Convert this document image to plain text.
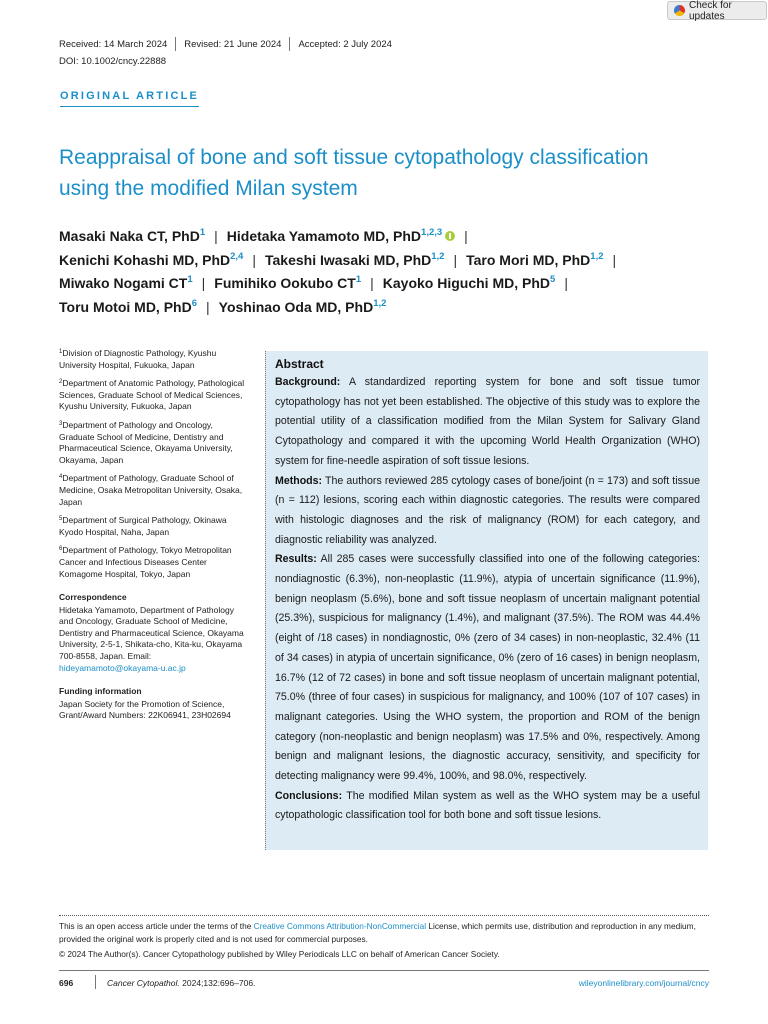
Check for updates
Received: 14 March 2024 Revised: 21 June 2024 Accepted: 2 July 2024
DOI: 10.1002/cncy.22888
ORIGINAL ARTICLE
Reappraisal of bone and soft tissue cytopathology classification using the modified Milan system
Masaki Naka CT, PhD$^1$ | Hidetaka Yamamoto MD, PhD$^{1,2,3}$ |
Kenichi Kohashi MD, PhD$^{2,4}$ | Takeshi Iwasaki MD, PhD$^{1,2}$ | Taro Mori MD, PhD$^{1,2}$ |
Miwako Nogami $CT^1$ | Fumihiko Ookubo $CT^1$ | Kayoko Higuchi MD, PhD$^5$ |
Toru Motoi MD, PhD$^6$ | Yoshinao Oda MD, PhD$^{1,2}$
$^1$Division of Diagnostic Pathology, Kyushu University Hospital, Fukuoka, Japan
$^2$Department of Anatomic Pathology, Pathological Sciences, Graduate School of Medical Sciences, Kyushu University, Fukuoka, Japan
$^3$Department of Pathology and Oncology, Graduate School of Medicine, Dentistry and Pharmaceutical Science, Okayama University, Okayama, Japan
$^4$Department of Pathology, Graduate School of Medicine, Osaka Metropolitan University, Osaka, Japan
$^5$Department of Surgical Pathology, Okinawa Kyodo Hospital, Naha, Japan
$^6$Department of Pathology, Tokyo Metropolitan Cancer and Infectious Diseases Center Komagome Hospital, Tokyo, Japan
Correspondence
Hidetaka Yamamoto, Department of Pathology and Oncology, Graduate School of Medicine, Dentistry and Pharmaceutical Science, Okayama University, 2-5-1, Shikata-cho, Kita-ku, Okayama 700-8558, Japan. Email: hideyamamoto@okayama-u.ac.jp
Funding information
Japan Society for the Promotion of Science, Grant/Award Numbers: 22K06941, 23H02694
Abstract

Background: A standardized reporting system for bone and soft tissue tumor cytopathology has not yet been established. The objective of this study was to explore the potential utility of a classification modified from the Milan System for Salivary Gland Cytopathology and compared it with the upcoming World Health Organization (WHO) system for fine-needle aspiration of soft tissue lesions.

Methods: The authors reviewed 285 cytology cases of bone/joint (n = 173) and soft tissue (n = 112) lesions, scoring each within diagnostic categories. The results were compared with histologic diagnoses and the risk of malignancy (ROM) for each category, and diagnostic reliability was analyzed.

Results: All 285 cases were successfully classified into one of the following categories: nondiagnostic (6.3%), non-neoplastic (11.9%), atypia of uncertain significance (11.9%), benign neoplasm (5.6%), bone and soft tissue neoplasm of uncertain malignant potential (25.3%), suspicious for malignancy (1.4%), and malignant (37.5%). The ROM was 44.4% (eight of /18 cases) in nondiagnostic, 0% (zero of 34 cases) in non-neoplastic, 32.4% (11 of 34 cases) in atypia of uncertain significance, 0% (zero of 16 cases) in benign neoplasm, 16.7% (12 of 72 cases) in bone and soft tissue neoplasm of uncertain malignant potential, 75.0% (three of four cases) in suspicious for malignancy, and 100% (107 of 107 cases) in malignant categories. Using the WHO system, the proportion and ROM of the benign category (non-neoplastic and benign neoplasm) was 17.5% and 0%, respectively. Among benign and malignant lesions, the diagnostic accuracy, sensitivity, and specificity for detecting malignancy were 99.4%, 100%, and 98.0%, respectively.

Conclusions: The modified Milan system as well as the WHO system may be a useful cytopathologic classification tool for both bone and soft tissue lesions.

This is an open access article under the terms of the Creative Commons Attribution-NonCommercial License, which permits use, distribution and reproduction in any medium, provided the original work is properly cited and is not used for commercial purposes.
© 2024 The Author(s). Cancer Cytopathology published by Wiley Periodicals LLC on behalf of American Cancer Society.
696	Cancer Cytopathol. 2024;132:696–706.	wileyonlinelibrary.com/journal/cncy
